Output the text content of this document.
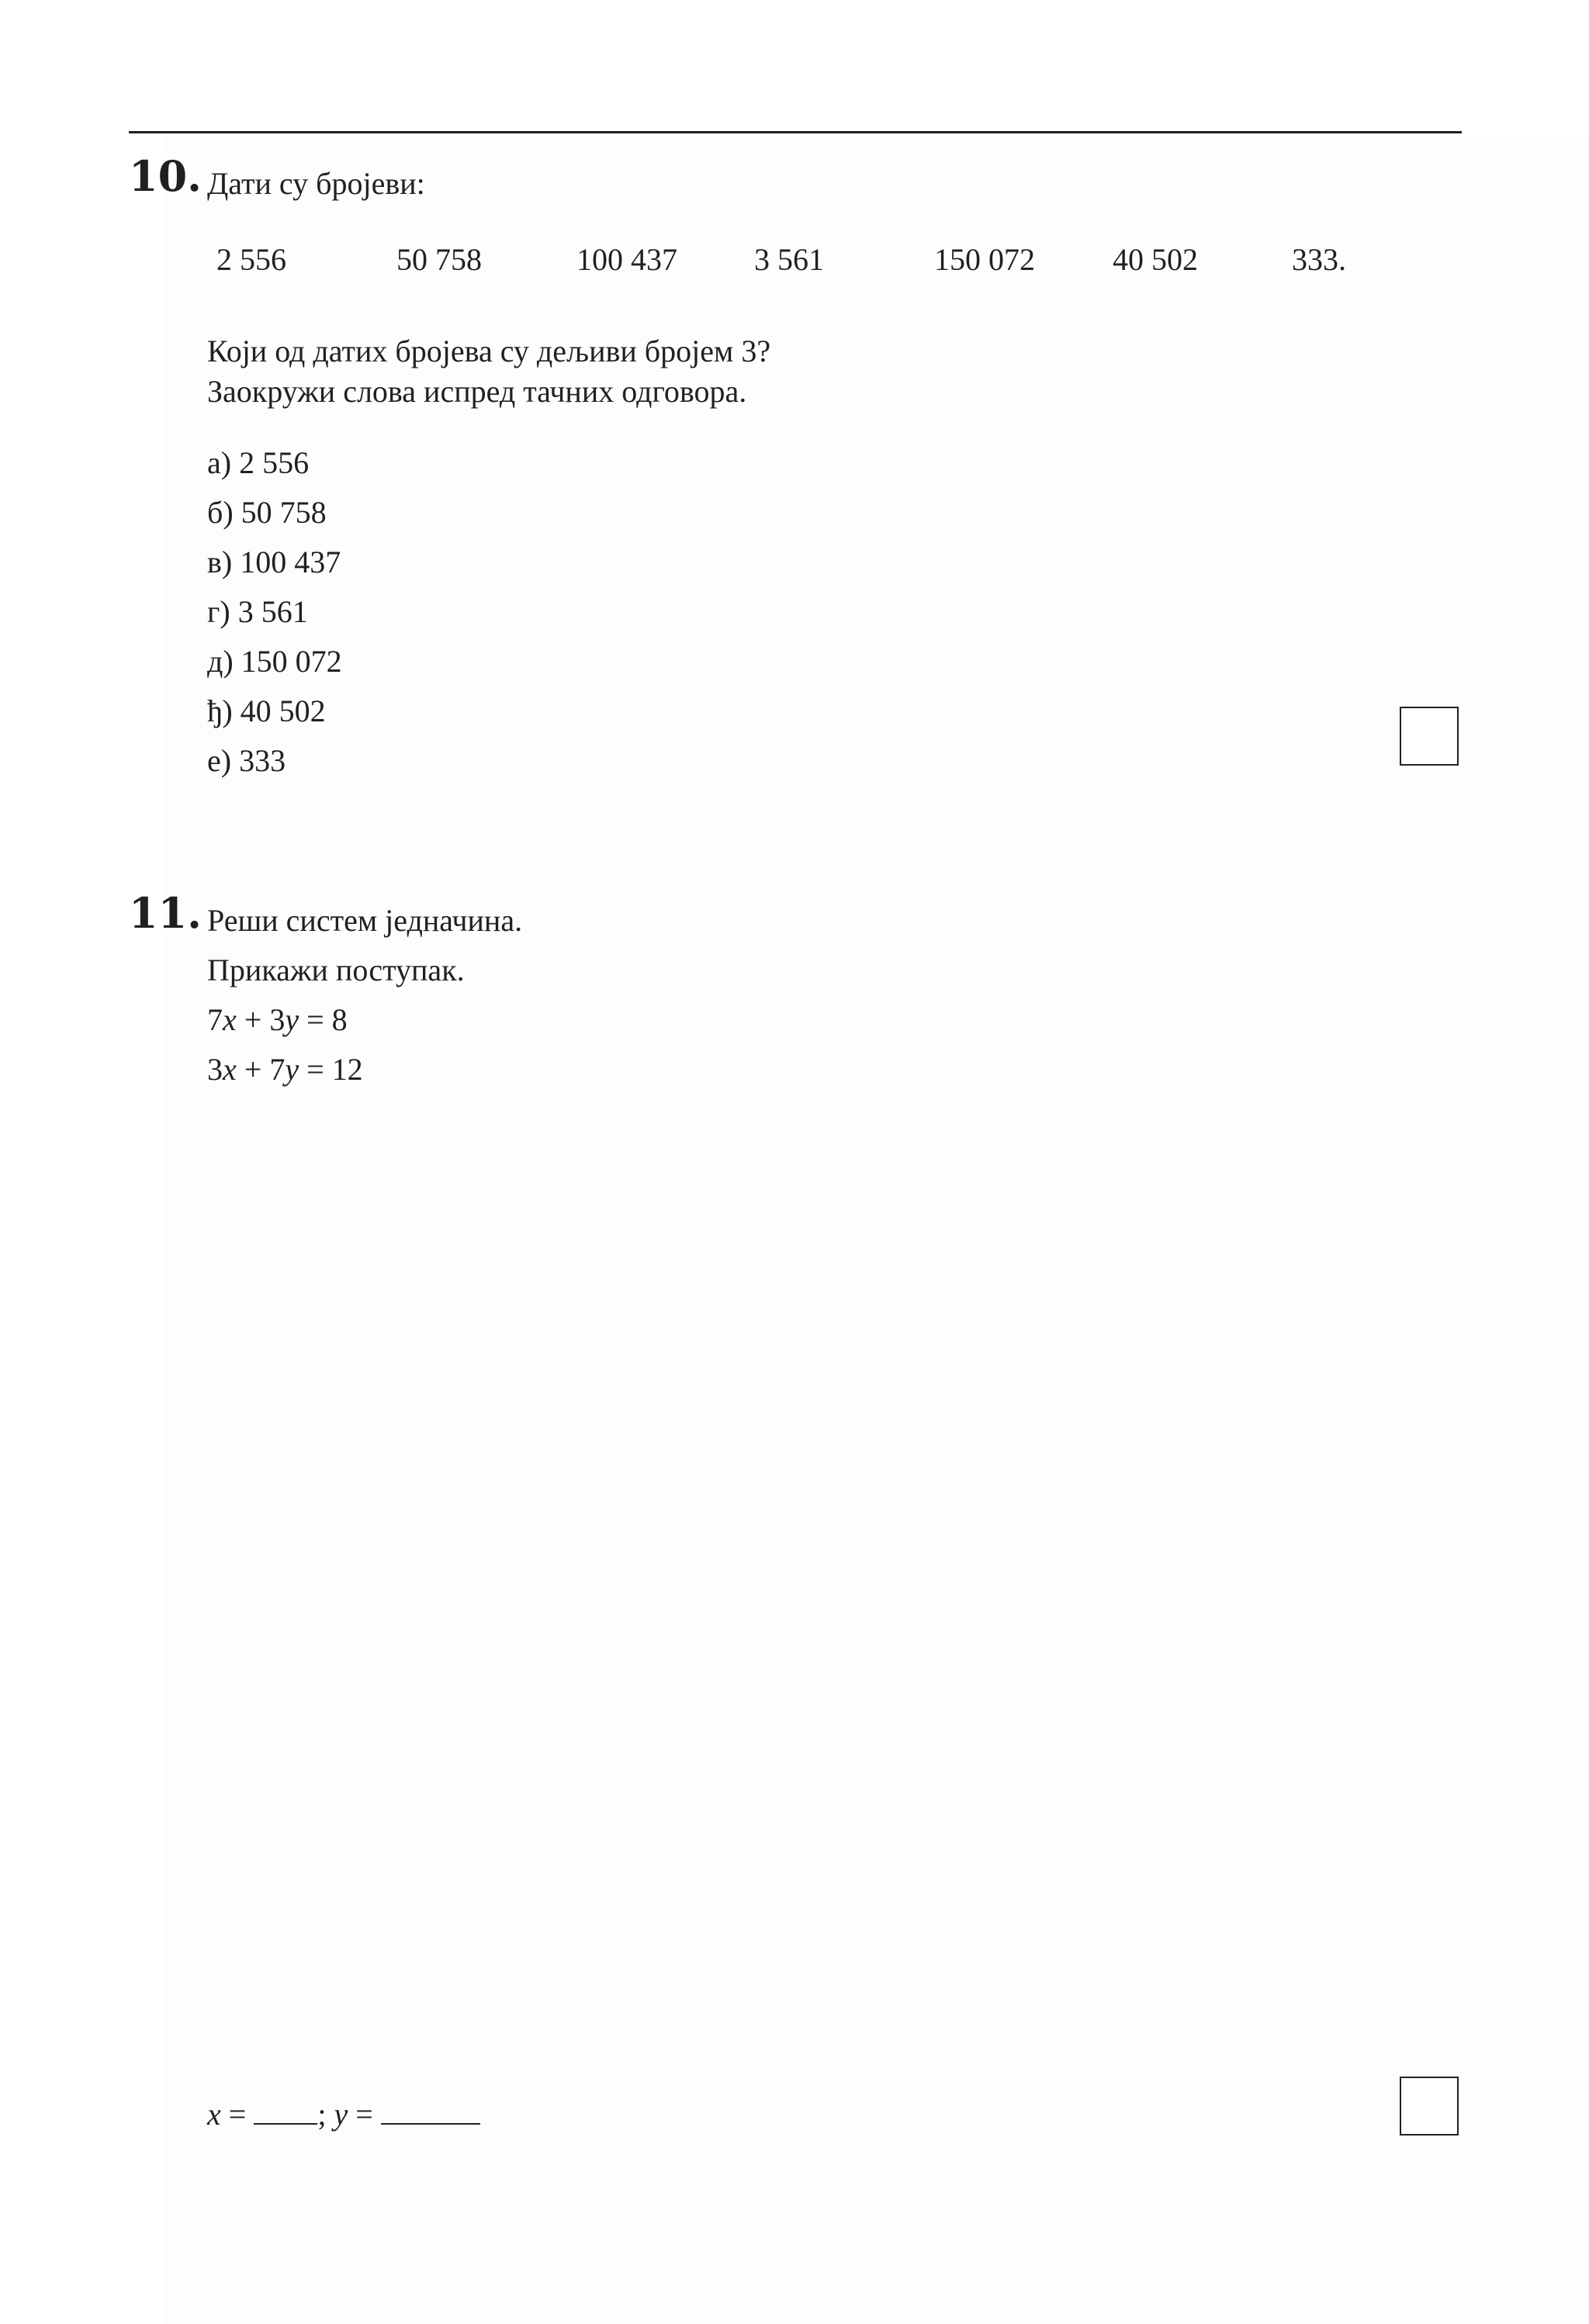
10. Дати су бројеви:
2 556	50 758	100 437 3 561	150 072	40 502	333.
Који од датих бројева су дељиви бројем 3?
Заокружи слова испред тачних одговора.
а) 2 556
б) 50 758
в) 100 437
г) 3 561
д) 150 072
ђ) 40 502
е) 333
11. Реши систем једначина.
Прикажи поступак.
7x + 3y = 8
3x + 7y = 12
x = ; y =
